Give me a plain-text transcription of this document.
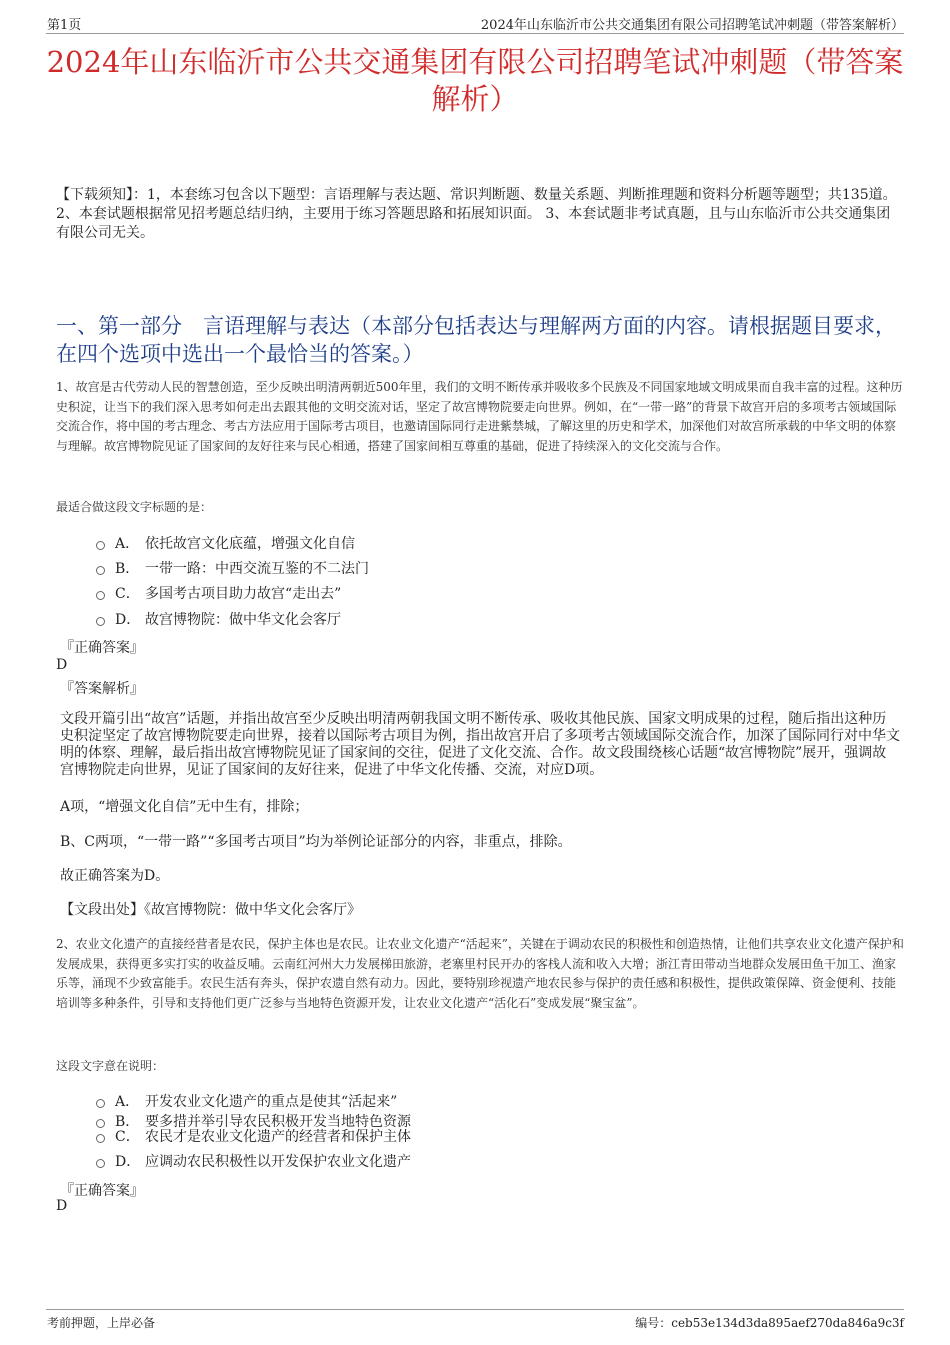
第1页	2024年山东临沂市公共交通集团有限公司招聘笔试冲刺题（带答案解析）
2024年山东临沂市公共交通集团有限公司招聘笔试冲刺题（带答案解析）
【下载须知】：1，本套练习包含以下题型：言语理解与表达题、常识判断题、数量关系题、判断推理题和资料分析题等题型；共135道。 2、本套试题根据常见招考题总结归纳，主要用于练习答题思路和拓展知识面。 3、本套试题非考试真题，且与山东临沂市公共交通集团有限公司无关。
一、第一部分　言语理解与表达（本部分包括表达与理解两方面的内容。请根据题目要求，在四个选项中选出一个最恰当的答案。）
1、故宫是古代劳动人民的智慧创造，至少反映出明清两朝近500年里，我们的文明不断传承并吸收多个民族及不同国家地域文明成果而自我丰富的过程。这种历史积淀，让当下的我们深入思考如何走出去跟其他的文明交流对话，坚定了故宫博物院要走向世界。例如，在“一带一路”的背景下故宫开启的多项考古领域国际交流合作，将中国的考古理念、考古方法应用于国际考古项目，也邀请国际同行走进紫禁城，了解这里的历史和学术，加深他们对故宫所承载的中华文明的体察与理解。故宫博物院见证了国家间的友好往来与民心相通，搭建了国家间相互尊重的基础，促进了持续深入的文化交流与合作。
最适合做这段文字标题的是：
A． 依托故宫文化底蕴，增强文化自信
B． 一带一路：中西交流互鉴的不二法门
C． 多国考古项目助力故宫“走出去”
D． 故宫博物院：做中华文化会客厅
『正确答案』
D
『答案解析』
文段开篇引出“故宫”话题，并指出故宫至少反映出明清两朝我国文明不断传承、吸收其他民族、国家文明成果的过程，随后指出这种历史积淀坚定了故宫博物院要走向世界，接着以国际考古项目为例，指出故宫开启了多项考古领域国际交流合作，加深了国际同行对中华文明的体察、理解，最后指出故宫博物院见证了国家间的交往，促进了文化交流、合作。故文段围绕核心话题“故宫博物院”展开，强调故宫博物院走向世界，见证了国家间的友好往来，促进了中华文化传播、交流，对应D项。
A项，“增强文化自信”无中生有，排除；
B、C两项，“一带一路”“多国考古项目”均为举例论证部分的内容，非重点，排除。
故正确答案为D。
【文段出处】《故宫博物院：做中华文化会客厅》
2、农业文化遗产的直接经营者是农民，保护主体也是农民。让农业文化遗产“活起来”，关键在于调动农民的积极性和创造热情，让他们共享农业文化遗产保护和发展成果，获得更多实打实的收益反哺。云南红河州大力发展梯田旅游，老寨里村民开办的客栈人流和收入大增；浙江青田带动当地群众发展田鱼干加工、渔家乐等，涌现不少致富能手。农民生活有奔头，保护农遗自然有动力。因此，要特别珍视遗产地农民参与保护的责任感和积极性，提供政策保障、资金便利、技能培训等多种条件，引导和支持他们更广泛参与当地特色资源开发，让农业文化遗产“活化石”变成发展“聚宝盆”。
这段文字意在说明：
A． 开发农业文化遗产的重点是使其“活起来”
B． 要多措并举引导农民积极开发当地特色资源
C． 农民才是农业文化遗产的经营者和保护主体
D． 应调动农民积极性以开发保护农业文化遗产
『正确答案』
D
考前押题，上岸必备	编号：ceb53e134d3da895aef270da846a9c3f
